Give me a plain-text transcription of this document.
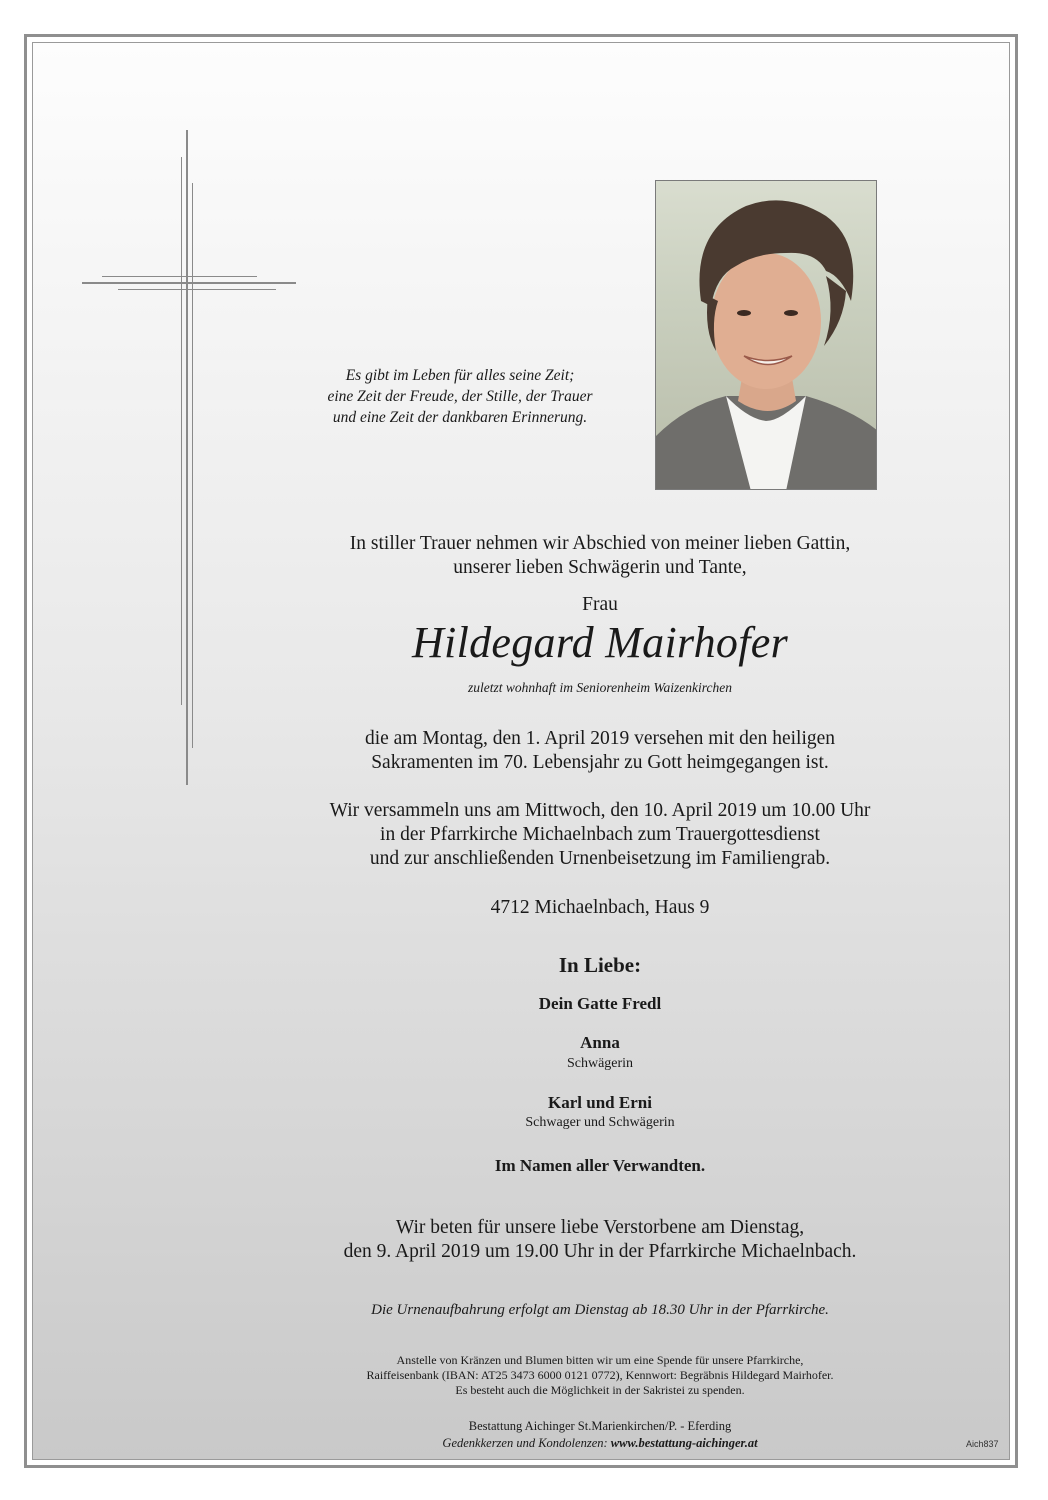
Es gibt im Leben für alles seine Zeit;
eine Zeit der Freude, der Stille, der Trauer
und eine Zeit der dankbaren Erinnerung.
In stiller Trauer nehmen wir Abschied von meiner lieben Gattin,
unserer lieben Schwägerin und Tante,
Frau
Hildegard Mairhofer
zuletzt wohnhaft im Seniorenheim Waizenkirchen
die am Montag, den 1. April 2019 versehen mit den heiligen
Sakramenten im 70. Lebensjahr zu Gott heimgegangen ist.
Wir versammeln uns am Mittwoch, den 10. April 2019 um 10.00 Uhr
in der Pfarrkirche Michaelnbach zum Trauergottesdienst
und zur anschließenden Urnenbeisetzung im Familiengrab.
4712 Michaelnbach, Haus 9
In Liebe:
Dein Gatte Fredl
Anna
Schwägerin
Karl und Erni
Schwager und Schwägerin
Im Namen aller Verwandten.
Wir beten für unsere liebe Verstorbene am Dienstag,
den 9. April 2019 um 19.00 Uhr in der Pfarrkirche Michaelnbach.
Die Urnenaufbahrung erfolgt am Dienstag ab 18.30 Uhr in der Pfarrkirche.
Anstelle von Kränzen und Blumen bitten wir um eine Spende für unsere Pfarrkirche,
Raiffeisenbank (IBAN: AT25 3473 6000 0121 0772), Kennwort: Begräbnis Hildegard Mairhofer.
Es besteht auch die Möglichkeit in der Sakristei zu spenden.
Bestattung Aichinger St.Marienkirchen/P. - Eferding
Gedenkkerzen und Kondolenzen: www.bestattung-aichinger.at	Aich837
